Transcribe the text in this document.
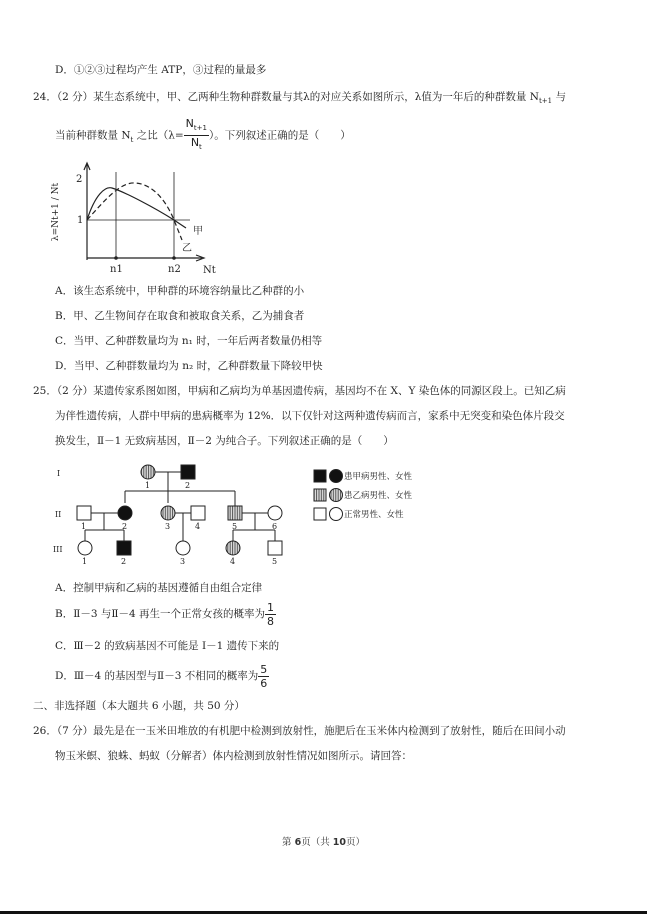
D．①②③过程均产生 ATP，③过程的量最多
24．（2 分）某生态系统中，甲、乙两种生物种群数量与其λ的对应关系如图所示，λ值为一年后的种群数量 $N_{t+1}$ 与
当前种群数量 $N_t$ 之比（$\lambda= \frac{N_{t+1}}{N_t}$ ）。下列叙述正确的是（　　）
λ=Nt+1 / Nt 1
2
n1	n2 Nt
甲
乙
A．该生态系统中，甲种群的环境容纳量比乙种群的小
B．甲、乙生物间存在取食和被取食关系，乙为捕食者
C．当甲、乙种群数量均为 n₁ 时，一年后两者数量仍相等
D．当甲、乙种群数量均为 n₂ 时，乙种群数量下降较甲快
25．（2 分）某遗传家系图如图，甲病和乙病均为单基因遗传病，基因均不在 X、Y 染色体的同源区段上。已知乙病
为伴性遗传病，人群中甲病的患病概率为 12%．以下仅针对这两种遗传病而言，家系中无突变和染色体片段交
换发生，Ⅱ－1 无致病基因，Ⅱ－2 为纯合子。下列叙述正确的是（　　）
I
II
III
1	2
1	2	3	4	5	6
1	2	3	4	5
患甲病男性、女性
患乙病男性、女性
正常男性、女性
A．控制甲病和乙病的基因遵循自由组合定律
B．Ⅱ－3 与Ⅱ－4 再生一个正常女孩的概率为 $\frac{1}{8}$
C．Ⅲ－2 的致病基因不可能是 I－1 遗传下来的
D．Ⅲ－4 的基因型与Ⅱ－3 不相同的概率为 $\frac{5}{6}$
二、非选择题（本大题共 6 小题，共 50 分）
26．（7 分）最先是在一玉米田堆放的有机肥中检测到放射性，施肥后在玉米体内检测到了放射性，随后在田间小动
物玉米螟、狼蛛、蚂蚁（分解者）体内检测到放射性情况如图所示。请回答：
第 6页（共 10页）
